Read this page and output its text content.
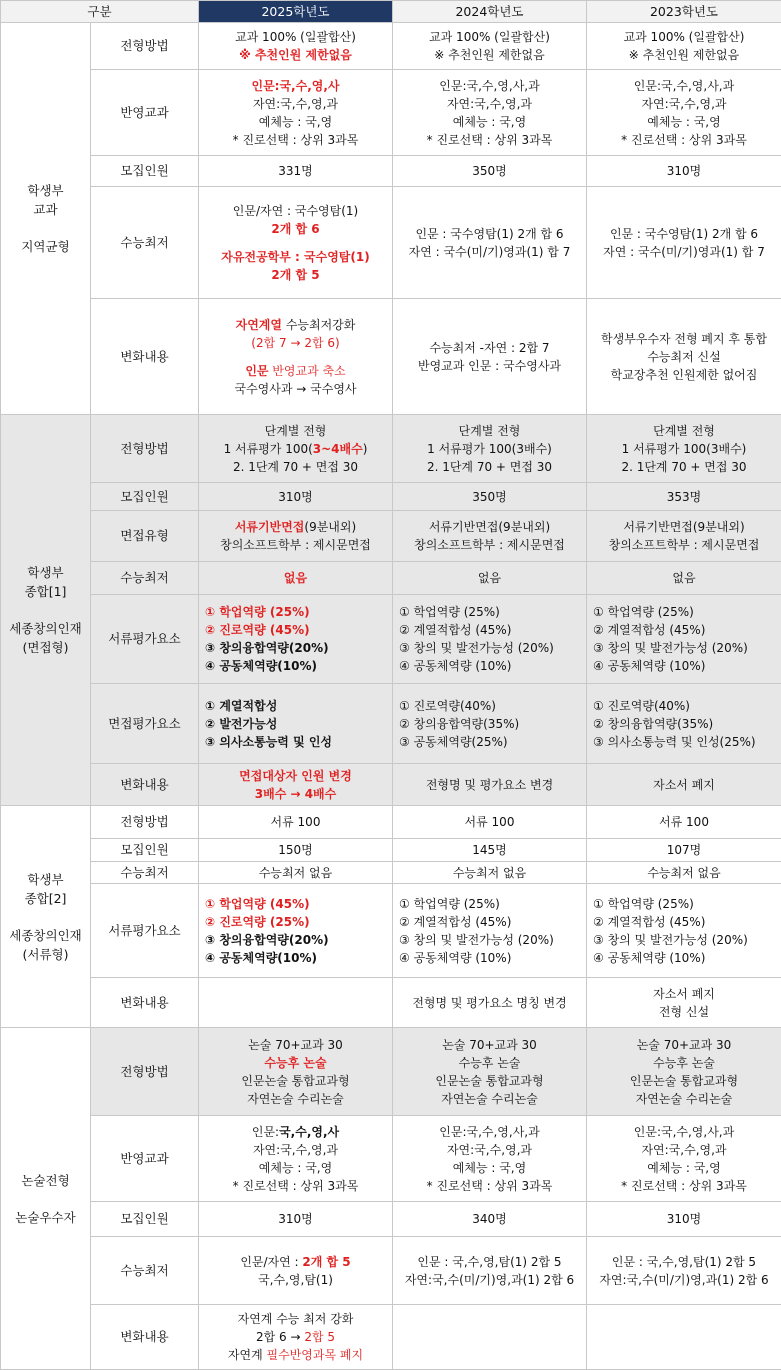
구분		2025학년도	2024학년도	2023학년도

학생부
교과
지역균형	전형방법	교과 100% (일괄합산)
※ 추천인원 제한없음	교과 100% (일괄합산)
※ 추천인원 제한없음	교과 100% (일괄합산)
※ 추천인원 제한없음

	반영교과	인문:국,수,영,사
자연:국,수,영,과
예체능 : 국,영
* 진로선택 : 상위 3과목	인문:국,수,영,사,과
자연:국,수,영,과
예체능 : 국,영
* 진로선택 : 상위 3과목	인문:국,수,영,사,과
자연:국,수,영,과
예체능 : 국,영
* 진로선택 : 상위 3과목

	모집인원	331명	350명	310명

	수능최저	인문/자연 : 국수영탐(1)
2개 합 6
자유전공학부 : 국수영탐(1)
2개 합 5	인문 : 국수영탐(1) 2개 합 6
자연 : 국수(미/기)영과(1) 합 7	인문 : 국수영탐(1) 2개 합 6
자연 : 국수(미/기)영과(1) 합 7

	변화내용	자연계열 수능최저강화
(2합 7 → 2합 6)
인문 반영교과 축소
국수영사과 → 국수영사	수능최저 -자연 : 2합 7
반영교과 인문 : 국수영사과	학생부우수자 전형 폐지 후 통합
수능최저 신설
학교장추천 인원제한 없어짐

학생부
종합[1]
세종창의인재
(면접형)	전형방법	단계별 전형
1 서류평가 100(3~4배수)
2. 1단계 70 + 면접 30	단계별 전형
1 서류평가 100(3배수)
2. 1단계 70 + 면접 30	단계별 전형
1 서류평가 100(3배수)
2. 1단계 70 + 면접 30

	모집인원	310명	350명	353명

	면접유형	서류기반면접(9분내외)
창의소프트학부 : 제시문면접	서류기반면접(9분내외)
창의소프트학부 : 제시문면접	서류기반면접(9분내외)
창의소프트학부 : 제시문면접

	수능최저	없음	없음	없음

	서류평가요소	① 학업역량 (25%)
② 진로역량 (45%)
③ 창의융합역량(20%)
④ 공동체역량(10%)	① 학업역량 (25%)
② 계열적합성 (45%)
③ 창의 및 발전가능성 (20%)
④ 공동체역량 (10%)	① 학업역량 (25%)
② 계열적합성 (45%)
③ 창의 및 발전가능성 (20%)
④ 공동체역량 (10%)

	면접평가요소	① 계열적합성
② 발전가능성
③ 의사소통능력 및 인성	① 진로역량(40%)
② 창의융합역량(35%)
③ 공동체역량(25%)	① 진로역량(40%)
② 창의융합역량(35%)
③ 의사소통능력 및 인성(25%)

	변화내용	면접대상자 인원 변경
3배수 → 4배수	전형명 및 평가요소 변경	자소서 폐지

학생부
종합[2]
세종창의인재
(서류형)	전형방법	서류 100	서류 100	서류 100

	모집인원	150명	145명	107명

	수능최저	수능최저 없음	수능최저 없음	수능최저 없음

	서류평가요소	① 학업역량 (45%)
② 진로역량 (25%)
③ 창의융합역량(20%)
④ 공동체역량(10%)	① 학업역량 (25%)
② 계열적합성 (45%)
③ 창의 및 발전가능성 (20%)
④ 공동체역량 (10%)	① 학업역량 (25%)
② 계열적합성 (45%)
③ 창의 및 발전가능성 (20%)
④ 공동체역량 (10%)

	변화내용		전형명 및 평가요소 명칭 변경	자소서 폐지
전형 신설

논술전형
논술우수자	전형방법	논술 70+교과 30
수능후 논술
인문논술 통합교과형
자연논술 수리논술	논술 70+교과 30
수능후 논술
인문논술 통합교과형
자연논술 수리논술	논술 70+교과 30
수능후 논술
인문논술 통합교과형
자연논술 수리논술

	반영교과	인문:국,수,영,사
자연:국,수,영,과
예체능 : 국,영
* 진로선택 : 상위 3과목	인문:국,수,영,사,과
자연:국,수,영,과
예체능 : 국,영
* 진로선택 : 상위 3과목	인문:국,수,영,사,과
자연:국,수,영,과
예체능 : 국,영
* 진로선택 : 상위 3과목

	모집인원	310명	340명	310명

	수능최저	인문/자연 : 2개 합 5
국,수,영,탐(1)	인문 : 국,수,영,탐(1) 2합 5
자연:국,수(미/기)영,과(1) 2합 6	인문 : 국,수,영,탐(1) 2합 5
자연:국,수(미/기)영,과(1) 2합 6

	변화내용	자연계 수능 최저 강화
2합 6 → 2합 5
자연계 필수반영과목 폐지		
